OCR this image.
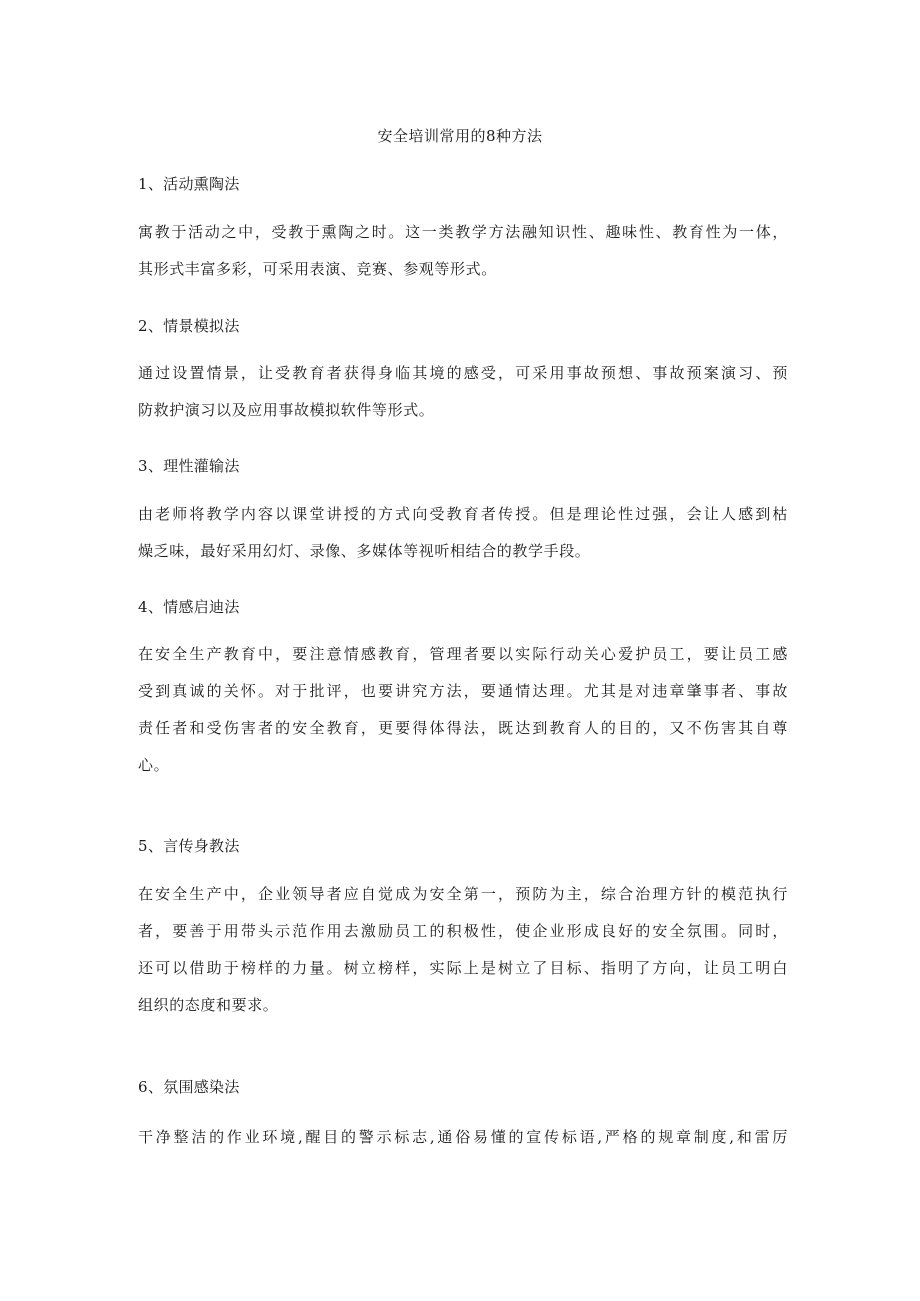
安全培训常用的8种方法
1、活动熏陶法
寓教于活动之中，受教于熏陶之时。这一类教学方法融知识性、趣味性、教育性为一体，
其形式丰富多彩，可采用表演、竞赛、参观等形式。
2、情景模拟法
通过设置情景，让受教育者获得身临其境的感受，可采用事故预想、事故预案演习、预
防救护演习以及应用事故模拟软件等形式。
3、理性灌输法
由老师将教学内容以课堂讲授的方式向受教育者传授。但是理论性过强，会让人感到枯
燥乏味，最好采用幻灯、录像、多媒体等视听相结合的教学手段。
4、情感启迪法
在安全生产教育中，要注意情感教育，管理者要以实际行动关心爱护员工，要让员工感
受到真诚的关怀。对于批评，也要讲究方法，要通情达理。尤其是对违章肇事者、事故
责任者和受伤害者的安全教育，更要得体得法，既达到教育人的目的，又不伤害其自尊
心。
5、言传身教法
在安全生产中，企业领导者应自觉成为安全第一，预防为主，综合治理方针的模范执行
者，要善于用带头示范作用去激励员工的积极性，使企业形成良好的安全氛围。同时，
还可以借助于榜样的力量。树立榜样，实际上是树立了目标、指明了方向，让员工明白
组织的态度和要求。
6、氛围感染法
干净整洁的作业环境,醒目的警示标志,通俗易懂的宣传标语,严格的规章制度,和雷厉
